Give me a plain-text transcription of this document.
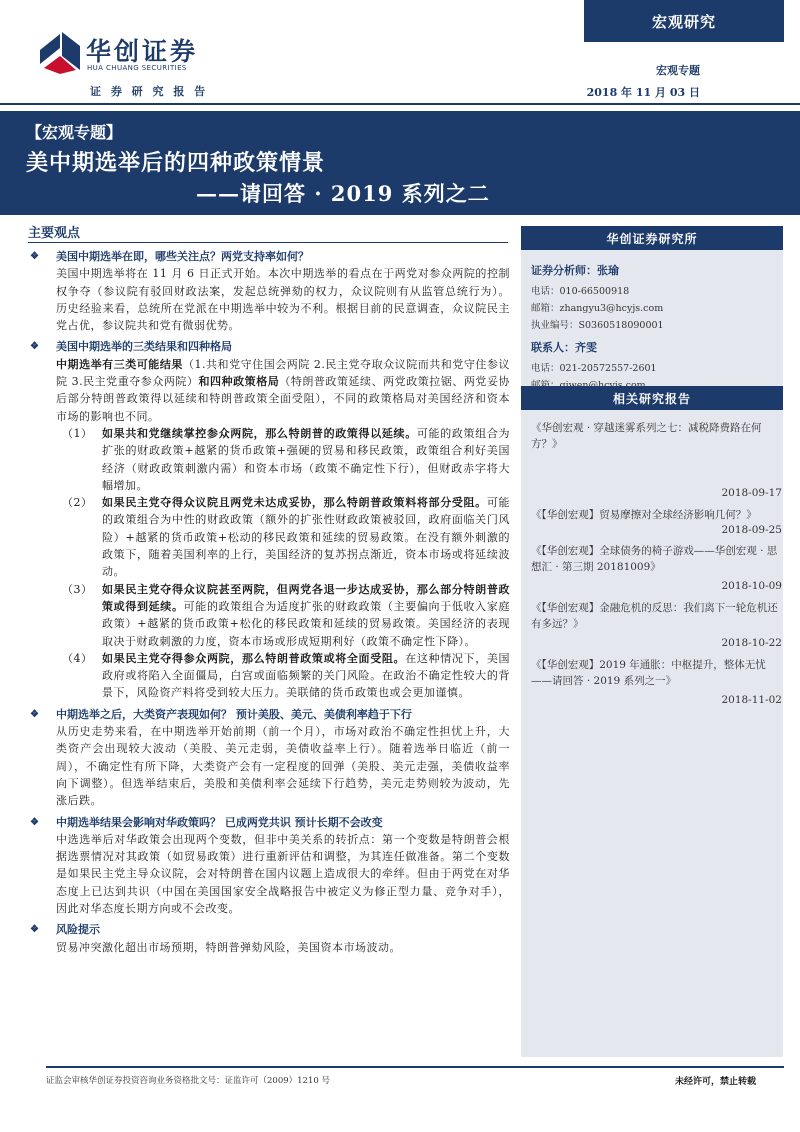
宏观研究
华创证券
HUA CHUANG SECURITIES
证 券 研 究 报 告
宏观专题
2018 年 11 月 03 日
【宏观专题】
美中期选举后的四种政策情景
——请回答 · 2019 系列之二
主要观点
❖ 美国中期选举在即，哪些关注点？两党支持率如何？
美国中期选举将在 11 月 6 日正式开始。本次中期选举的看点在于两党对参众两院的控制权争夺（参议院有驳回财政法案，发起总统弹劾的权力，众议院则有从监管总统行为）。历史经验来看，总统所在党派在中期选举中较为不利。根据目前的民意调查，众议院民主党占优，参议院共和党有微弱优势。
❖ 美国中期选举的三类结果和四种格局
中期选举有三类可能结果（1.共和党守住国会两院 2.民主党夺取众议院而共和党守住参议院 3.民主党重夺参众两院）和四种政策格局（特朗普政策延续、两党政策拉锯、两党妥协后部分特朗普政策得以延续和特朗普政策全面受阻），不同的政策格局对美国经济和资本市场的影响也不同。
（1） 如果共和党继续掌控参众两院，那么特朗普的政策得以延续。可能的政策组合为扩张的财政政策+越紧的货币政策+强硬的贸易和移民政策，政策组合利好美国经济（财政政策刺激内需）和资本市场（政策不确定性下行），但财政赤字将大幅增加。
（2） 如果民主党夺得众议院且两党未达成妥协，那么特朗普政策料将部分受阻。可能的政策组合为中性的财政政策（额外的扩张性财政政策被驳回，政府面临关门风险）+越紧的货币政策+松动的移民政策和延续的贸易政策。在没有额外刺激的政策下，随着美国利率的上行，美国经济的复苏拐点渐近，资本市场或将延续波动。
（3） 如果民主党夺得众议院甚至两院，但两党各退一步达成妥协，那么部分特朗普政策或得到延续。可能的政策组合为适度扩张的财政政策（主要偏向于低收入家庭政策）+越紧的货币政策+松化的移民政策和延续的贸易政策。美国经济的表现取决于财政刺激的力度，资本市场或形成短期利好（政策不确定性下降）。
（4） 如果民主党夺得参众两院，那么特朗普政策或将全面受阻。在这种情况下，美国政府或将陷入全面僵局，白宫或面临频繁的关门风险。在政治不确定性较大的背景下，风险资产料将受到较大压力。美联储的货币政策也或会更加谨慎。
❖ 中期选举之后，大类资产表现如何？ 预计美股、美元、美债利率趋于下行
从历史走势来看，在中期选举开始前期（前一个月），市场对政治不确定性担忧上升，大类资产会出现较大波动（美股、美元走弱，美债收益率上行）。随着选举日临近（前一周），不确定性有所下降，大类资产会有一定程度的回弹（美股、美元走强，美债收益率向下调整）。但选举结束后，美股和美债利率会延续下行趋势，美元走势则较为波动，先涨后跌。
❖ 中期选举结果会影响对华政策吗？ 已成两党共识 预计长期不会改变
中选选举后对华政策会出现两个变数，但非中美关系的转折点：第一个变数是特朗普会根据选票情况对其政策（如贸易政策）进行重新评估和调整，为其连任做准备。第二个变数是如果民主党主导众议院，会对特朗普在国内议题上造成很大的牵绊。但由于两党在对华态度上已达到共识（中国在美国国家安全战略报告中被定义为修正型力量、竞争对手），因此对华态度长期方向或不会改变。
❖ 风险提示
贸易冲突激化超出市场预期，特朗普弹劾风险，美国资本市场波动。
华创证券研究所
证券分析师：张瑜
电话：010-66500918
邮箱：zhangyu3@hcyjs.com
执业编号：S0360518090001
联系人：齐雯
电话：021-20572557-2601
相关研究报告
《华创宏观 · 穿越迷雾系列之七：减税降费路在何方？》
2018-09-17
《【华创宏观】贸易摩擦对全球经济影响几何？》
2018-09-25
《【华创宏观】全球债务的椅子游戏——华创宏观 · 思想汇 · 第三期 20181009》
2018-10-09
《【华创宏观】金融危机的反思：我们离下一轮危机还有多远？》
2018-10-22
《【华创宏观】2019 年通胀：中枢提升，整体无忧——请回答 · 2019 系列之一》
2018-11-02
证监会审核华创证券投资咨询业务资格批文号：证监许可（2009）1210 号	未经许可，禁止转载
